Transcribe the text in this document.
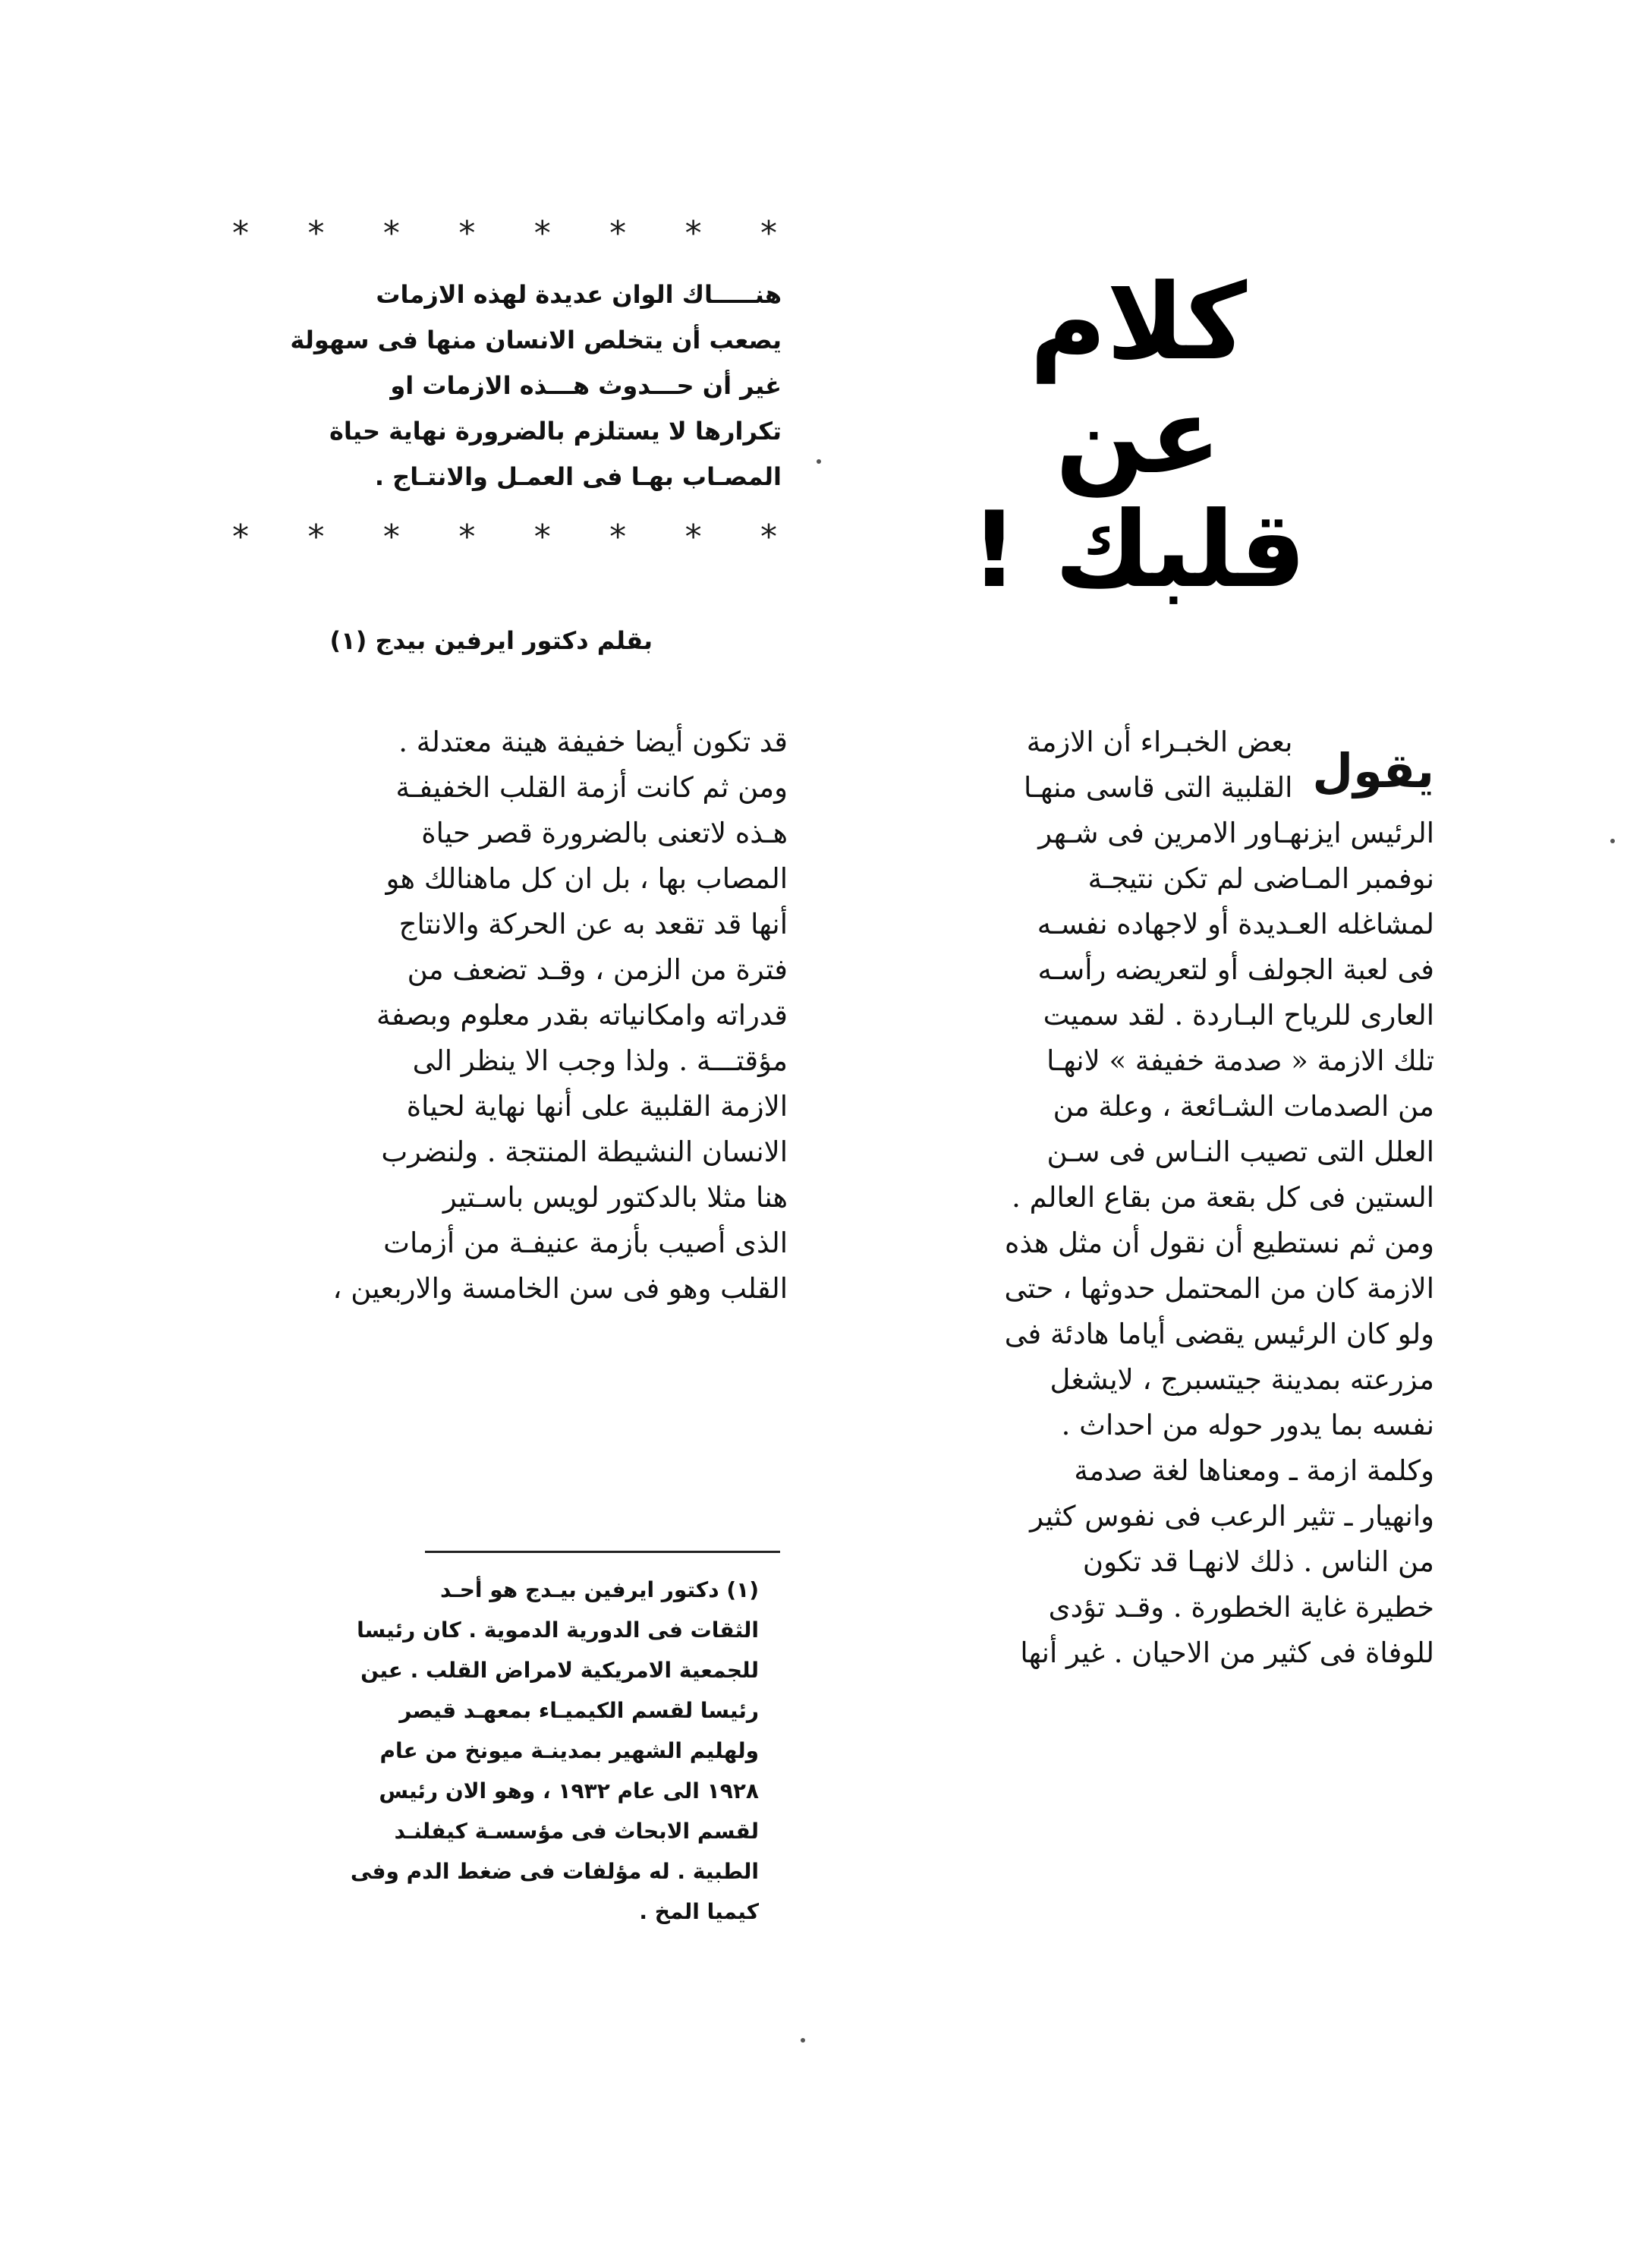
كلام
عن
قلبك !
*
*
*
*
*
*
*
*
هنـــــاك الوان عديدة لهذه الازمات
يصعب أن يتخلص الانسان منها فى سهولة
غير أن حـــدوث هـــذه الازمات او
تكرارها لا يستلزم بالضرورة نهاية حياة
المصـاب بهـا فى العمـل والانتـاج .
*
*
*
*
*
*
*
*
بقلم دكتور ايرفين بيدج (١)
يقول
بعض الخبـراء أن الازمة
القلبية التى قاسى منهـا
الرئيس ايزنهـاور الامرين فى شـهر
نوفمبر المـاضى لم تكن نتيجـة
لمشاغله العـديدة أو لاجهاده نفسـه
فى لعبة الجولف أو لتعريضه رأسـه
العارى للرياح البـاردة . لقد سميت
تلك الازمة « صدمة خفيفة » لانهـا
من الصدمات الشـائعة ، وعلة من
العلل التى تصيب النـاس فى سـن
الستين فى كل بقعة من بقاع العالم .
ومن ثم نستطيع أن نقول أن مثل هذه
الازمة كان من المحتمل حدوثها ، حتى
ولو كان الرئيس يقضى أياما هادئة فى
مزرعته بمدينة جيتسبرج ، لايشغل
نفسه بما يدور حوله من احداث .
وكلمة ازمة ـ ومعناها لغة صدمة
وانهيار ـ تثير الرعب فى نفوس كثير
من الناس . ذلك لانهـا قد تكون
خطيرة غاية الخطورة . وقـد تؤدى
للوفاة فى كثير من الاحيان . غير أنها
قد تكون أيضا خفيفة هينة معتدلة .
ومن ثم كانت أزمة القلب الخفيفـة
هـذه لاتعنى بالضرورة قصر حياة
المصاب بها ، بل ان كل ماهنالك هو
أنها قد تقعد به عن الحركة والانتاج
فترة من الزمن ، وقـد تضعف من
قدراته وامكانياته بقدر معلوم وبصفة
مؤقتـــة . ولذا وجب الا ينظر الى
الازمة القلبية على أنها نهاية لحياة
الانسان النشيطة المنتجة . ولنضرب
هنا مثلا بالدكتور لويس باسـتير
الذى أصيب بأزمة عنيفـة من أزمات
القلب وهو فى سن الخامسة والاربعين ،
(١) دكتور ايرفين بيـدج هو أحـد
الثقات فى الدورية الدموية . كان رئيسا
للجمعية الامريكية لامراض القلب . عين
رئيسا لقسم الكيميـاء بمعهـد قيصر
ولهليم الشهير بمدينـة ميونخ من عام
١٩٢٨ الى عام ١٩٣٢ ، وهو الان رئيس
لقسم الابحاث فى مؤسسـة كيفلنـد
الطبية . له مؤلفات فى ضغط الدم وفى
كيميا المخ .
